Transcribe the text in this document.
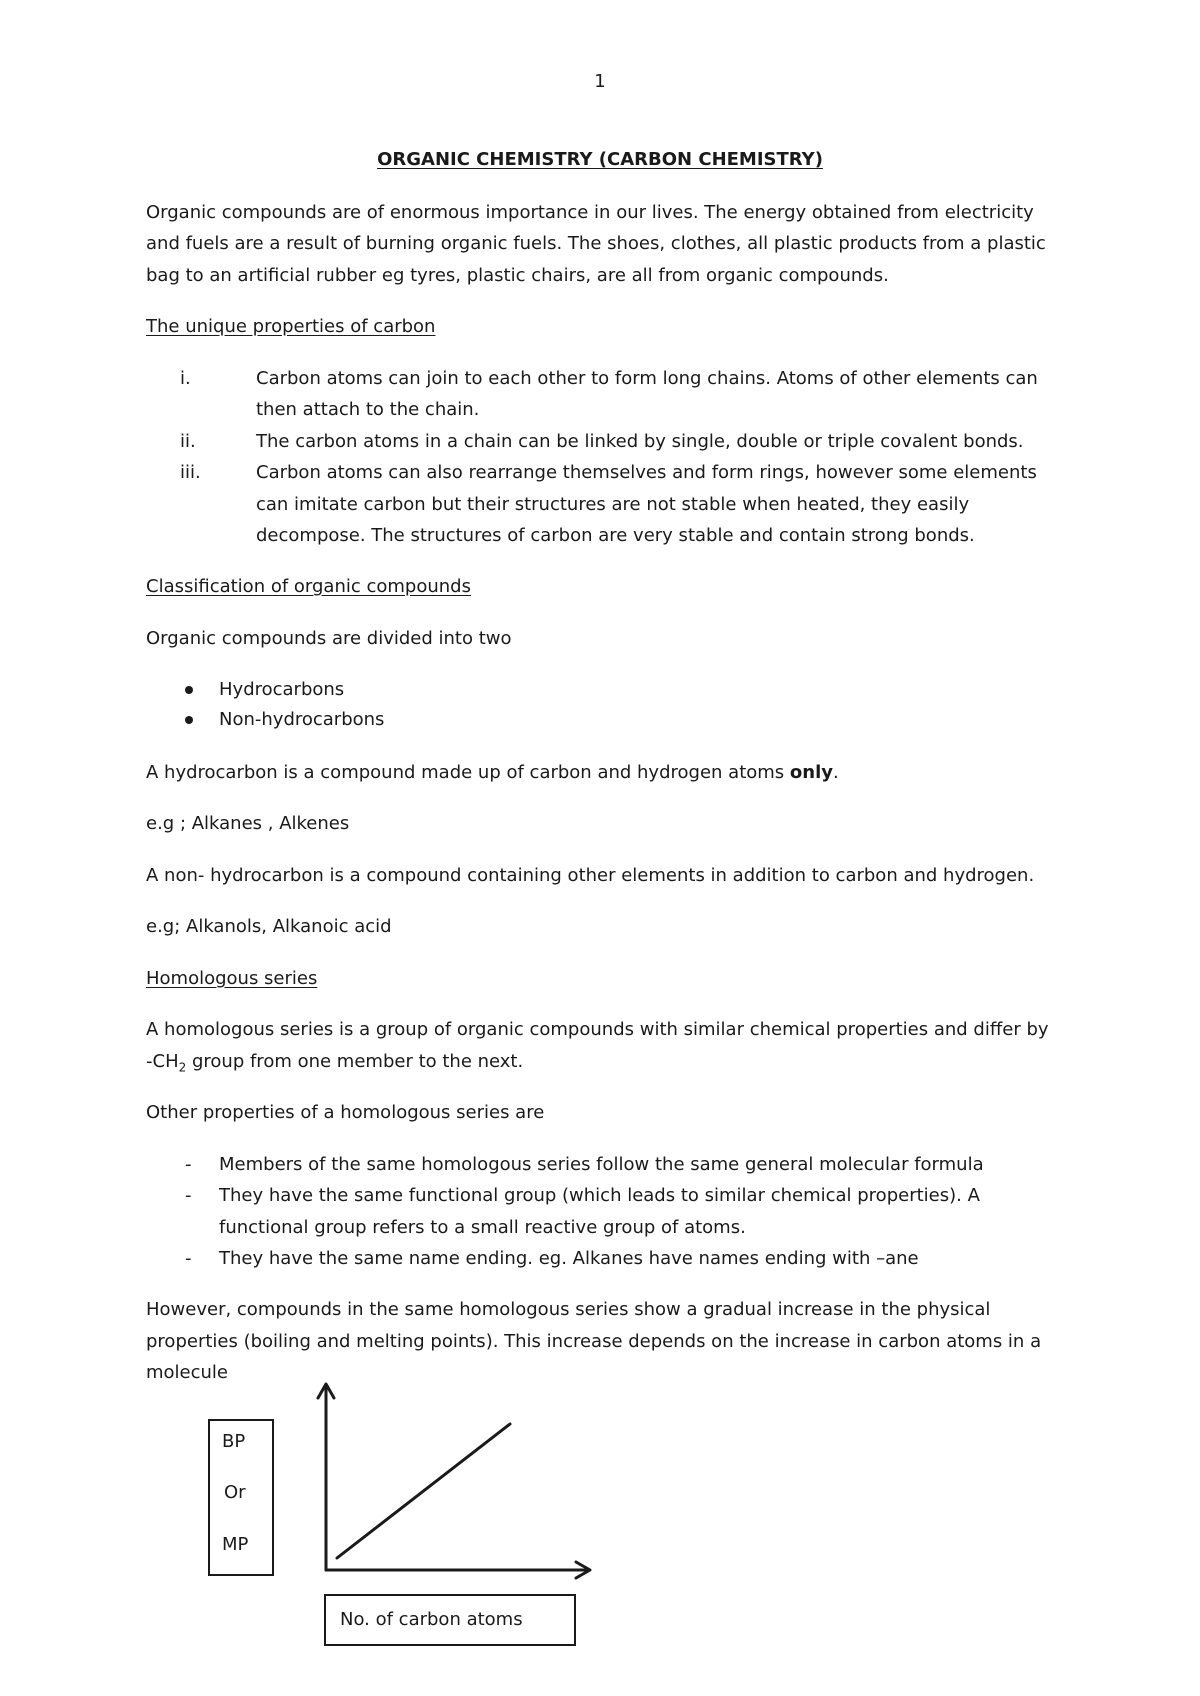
1
ORGANIC CHEMISTRY (CARBON CHEMISTRY)
Organic compounds are of enormous importance in our lives. The energy obtained from electricity
and fuels are a result of burning organic fuels. The shoes, clothes, all plastic products from a plastic
bag to an artificial rubber eg tyres, plastic chairs, are all from organic compounds.
The unique properties of carbon
i.	Carbon atoms can join to each other to form long chains. Atoms of other elements can
then attach to the chain.
ii.	The carbon atoms in a chain can be linked by single, double or triple covalent bonds.
iii.	Carbon atoms can also rearrange themselves and form rings, however some elements
can imitate carbon but their structures are not stable when heated, they easily
decompose. The structures of carbon are very stable and contain strong bonds.
Classification of organic compounds
Organic compounds are divided into two
Hydrocarbons
Non-hydrocarbons
A hydrocarbon is a compound made up of carbon and hydrogen atoms only.
e.g ; Alkanes , Alkenes
A non- hydrocarbon is a compound containing other elements in addition to carbon and hydrogen.
e.g; Alkanols, Alkanoic acid
Homologous series
A homologous series is a group of organic compounds with similar chemical properties and differ by
$-CH_2$ group from one member to the next.
Other properties of a homologous series are
- Members of the same homologous series follow the same general molecular formula
- They have the same functional group (which leads to similar chemical properties). A
functional group refers to a small reactive group of atoms.
- They have the same name ending. eg. Alkanes have names ending with –ane
However, compounds in the same homologous series show a gradual increase in the physical
properties (boiling and melting points). This increase depends on the increase in carbon atoms in a
molecule
BP
Or
MP
No. of carbon atoms
